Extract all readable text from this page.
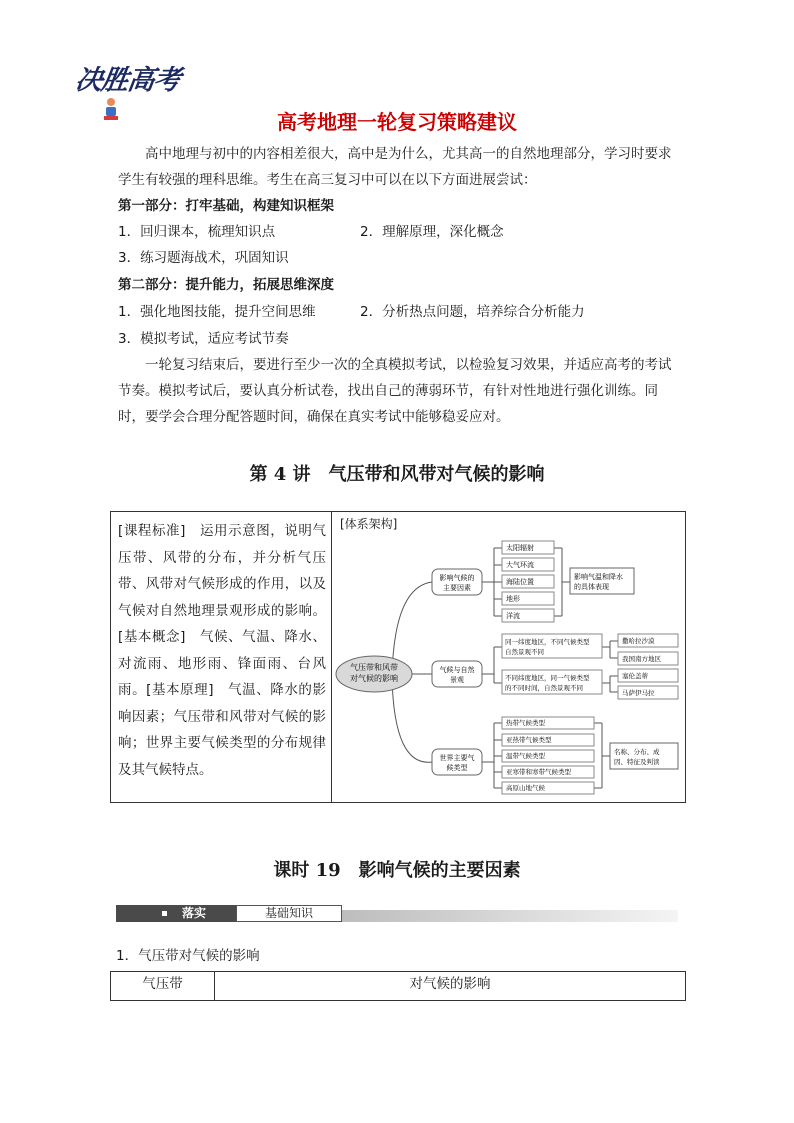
决胜高考
高考地理一轮复习策略建议
高中地理与初中的内容相差很大，高中是为什么，尤其高一的自然地理部分，学习时要求学生有较强的理科思维。考生在高三复习中可以在以下方面进展尝试：
第一部分：打牢基础，构建知识框架
1．回归课本，梳理知识点	2．理解原理，深化概念
3．练习题海战术，巩固知识
第二部分：提升能力，拓展思维深度
1．强化地图技能，提升空间思维	2．分析热点问题，培养综合分析能力
3．模拟考试，适应考试节奏
一轮复习结束后，要进行至少一次的全真模拟考试，以检验复习效果，并适应高考的考试节奏。模拟考试后，要认真分析试卷，找出自己的薄弱环节，有针对性地进行强化训练。同时，要学会合理分配答题时间，确保在真实考试中能够稳妥应对。
第 4 讲　气压带和风带对气候的影响
[课程标准]　运用示意图，说明气压带、风带的分布，并分析气压带、风带对气候形成的作用，以及气候对自然地理景观形成的影响。[基本概念]　气候、气温、降水、对流雨、地形雨、锋面雨、台风雨。[基本原理]　气温、降水的影响因素；气压带和风带对气候的影响；世界主要气候类型的分布规律及其气候特点。
[体系架构]
气压带和风带
对气候的影响
影响气候的
主要因素
太阳辐射
大气环流
海陆位置
地形
洋流
影响气温和降水
的具体表现
气候与自然
景观
同一纬度地区，不同气候类型
自然景观不同
不同纬度地区，同一气候类型
的不同时间，自然景观不同
撒哈拉沙漠
我国南方地区
塞伦盖蒂
马萨伊马拉
世界主要气
候类型
热带气候类型
亚热带气候类型
温带气候类型
亚寒带和寒带气候类型
高原山地气候
名称、分布、成
因、特征及判读
课时 19　影响气候的主要因素
落实	基础知识
1．气压带对气候的影响
气压带	对气候的影响
